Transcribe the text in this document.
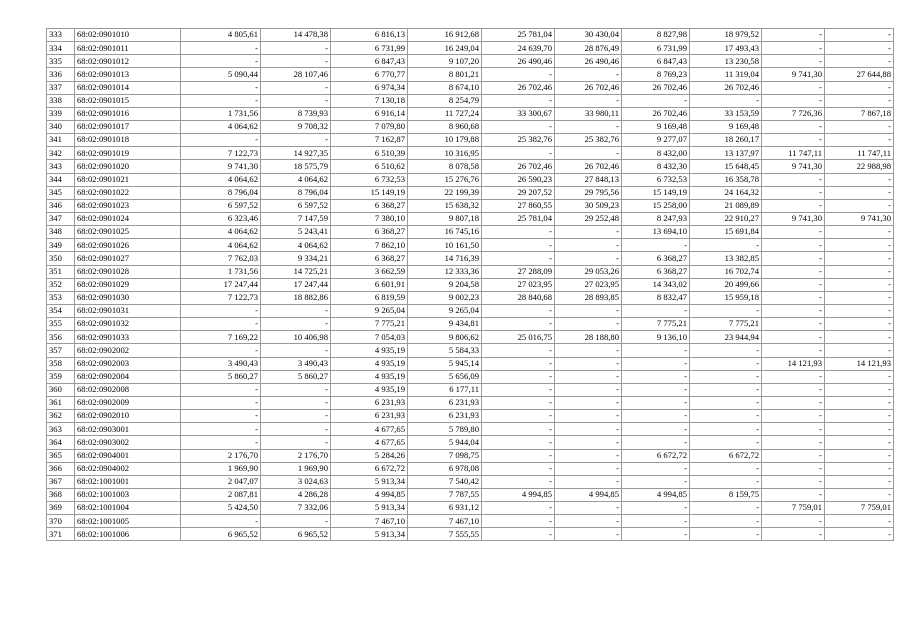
333	68:02:0901010	4 805,61	14 478,38	6 816,13	16 912,68	25 781,04	30 430,04	8 827,98	18 979,52	-	-
334	68:02:0901011	-	-	6 731,99	16 249,04	24 639,70	28 876,49	6 731,99	17 493,43	-	-
335	68:02:0901012	-	-	6 847,43	9 107,20	26 490,46	26 490,46	6 847,43	13 230,58	-	-
336	68:02:0901013	5 090,44	28 107,46	6 770,77	8 801,21	-	-	8 769,23	11 319,04	9 741,30	27 644,88
337	68:02:0901014	-	-	6 974,34	8 674,10	26 702,46	26 702,46	26 702,46	26 702,46	-	-
338	68:02:0901015	-	-	7 130,18	8 254,79	-	-	-	-	-	-
339	68:02:0901016	1 731,56	8 739,93	6 916,14	11 727,24	33 300,67	33 980,11	26 702,46	33 153,59	7 726,36	7 867,18
340	68:02:0901017	4 064,62	9 708,32	7 079,80	8 960,68	-	-	9 169,48	9 169,48	-	-
341	68:02:0901018	-	-	7 162,87	10 179,88	25 382,76	25 382,76	9 277,07	18 260,17	-	-
342	68:02:0901019	7 122,73	14 927,35	6 510,39	10 316,95	-	-	8 432,00	13 137,97	11 747,11	11 747,11
343	68:02:0901020	9 741,30	18 575,79	6 510,62	8 078,58	26 702,46	26 702,46	8 432,30	15 648,45	9 741,30	22 988,98
344	68:02:0901021	4 064,62	4 064,62	6 732,53	15 276,76	26 590,23	27 848,13	6 732,53	16 358,78	-	-
345	68:02:0901022	8 796,04	8 796,04	15 149,19	22 199,39	29 207,52	29 795,56	15 149,19	24 164,32	-	-
346	68:02:0901023	6 597,52	6 597,52	6 368,27	15 638,32	27 860,55	30 509,23	15 258,00	21 089,89	-	-
347	68:02:0901024	6 323,46	7 147,59	7 380,10	9 807,18	25 781,04	29 252,48	8 247,93	22 910,27	9 741,30	9 741,30
348	68:02:0901025	4 064,62	5 243,41	6 368,27	16 745,16	-	-	13 694,10	15 691,84	-	-
349	68:02:0901026	4 064,62	4 064,62	7 862,10	10 161,50	-	-	-	-	-	-
350	68:02:0901027	7 762,03	9 334,21	6 368,27	14 716,39	-	-	6 368,27	13 382,85	-	-
351	68:02:0901028	1 731,56	14 725,21	3 662,59	12 333,36	27 288,09	29 053,26	6 368,27	16 702,74	-	-
352	68:02:0901029	17 247,44	17 247,44	6 601,91	9 204,58	27 023,95	27 023,95	14 343,02	20 499,66	-	-
353	68:02:0901030	7 122,73	18 882,86	6 819,59	9 002,23	28 840,68	28 893,85	8 832,47	15 959,18	-	-
354	68:02:0901031	-	-	9 265,04	9 265,04	-	-	-	-	-	-
355	68:02:0901032	-	-	7 775,21	9 434,81	-	-	7 775,21	7 775,21	-	-
356	68:02:0901033	7 169,22	10 406,98	7 054,03	9 806,62	25 016,75	28 188,80	9 136,10	23 944,94	-	-
357	68:02:0902002	-	-	4 935,19	5 584,33	-	-	-	-	-	-
358	68:02:0902003	3 490,43	3 490,43	4 935,19	5 945,14	-	-	-	-	14 121,93	14 121,93
359	68:02:0902004	5 860,27	5 860,27	4 935,19	5 656,09	-	-	-	-	-	-
360	68:02:0902008	-	-	4 935,19	6 177,11	-	-	-	-	-	-
361	68:02:0902009	-	-	6 231,93	6 231,93	-	-	-	-	-	-
362	68:02:0902010	-	-	6 231,93	6 231,93	-	-	-	-	-	-
363	68:02:0903001	-	-	4 677,65	5 789,80	-	-	-	-	-	-
364	68:02:0903002	-	-	4 677,65	5 944,04	-	-	-	-	-	-
365	68:02:0904001	2 176,70	2 176,70	5 284,26	7 098,75	-	-	6 672,72	6 672,72	-	-
366	68:02:0904002	1 969,90	1 969,90	6 672,72	6 978,08	-	-	-	-	-	-
367	68:02:1001001	2 047,07	3 024,63	5 913,34	7 540,42	-	-	-	-	-	-
368	68:02:1001003	2 087,81	4 286,28	4 994,85	7 787,55	4 994,85	4 994,85	4 994,85	8 159,75	-	-
369	68:02:1001004	5 424,50	7 332,06	5 913,34	6 931,12	-	-	-	-	7 759,01	7 759,01
370	68:02:1001005	-	-	7 467,10	7 467,10	-	-	-	-	-	-
371	68:02:1001006	6 965,52	6 965,52	5 913,34	7 555,55	-	-	-	-	-	-
